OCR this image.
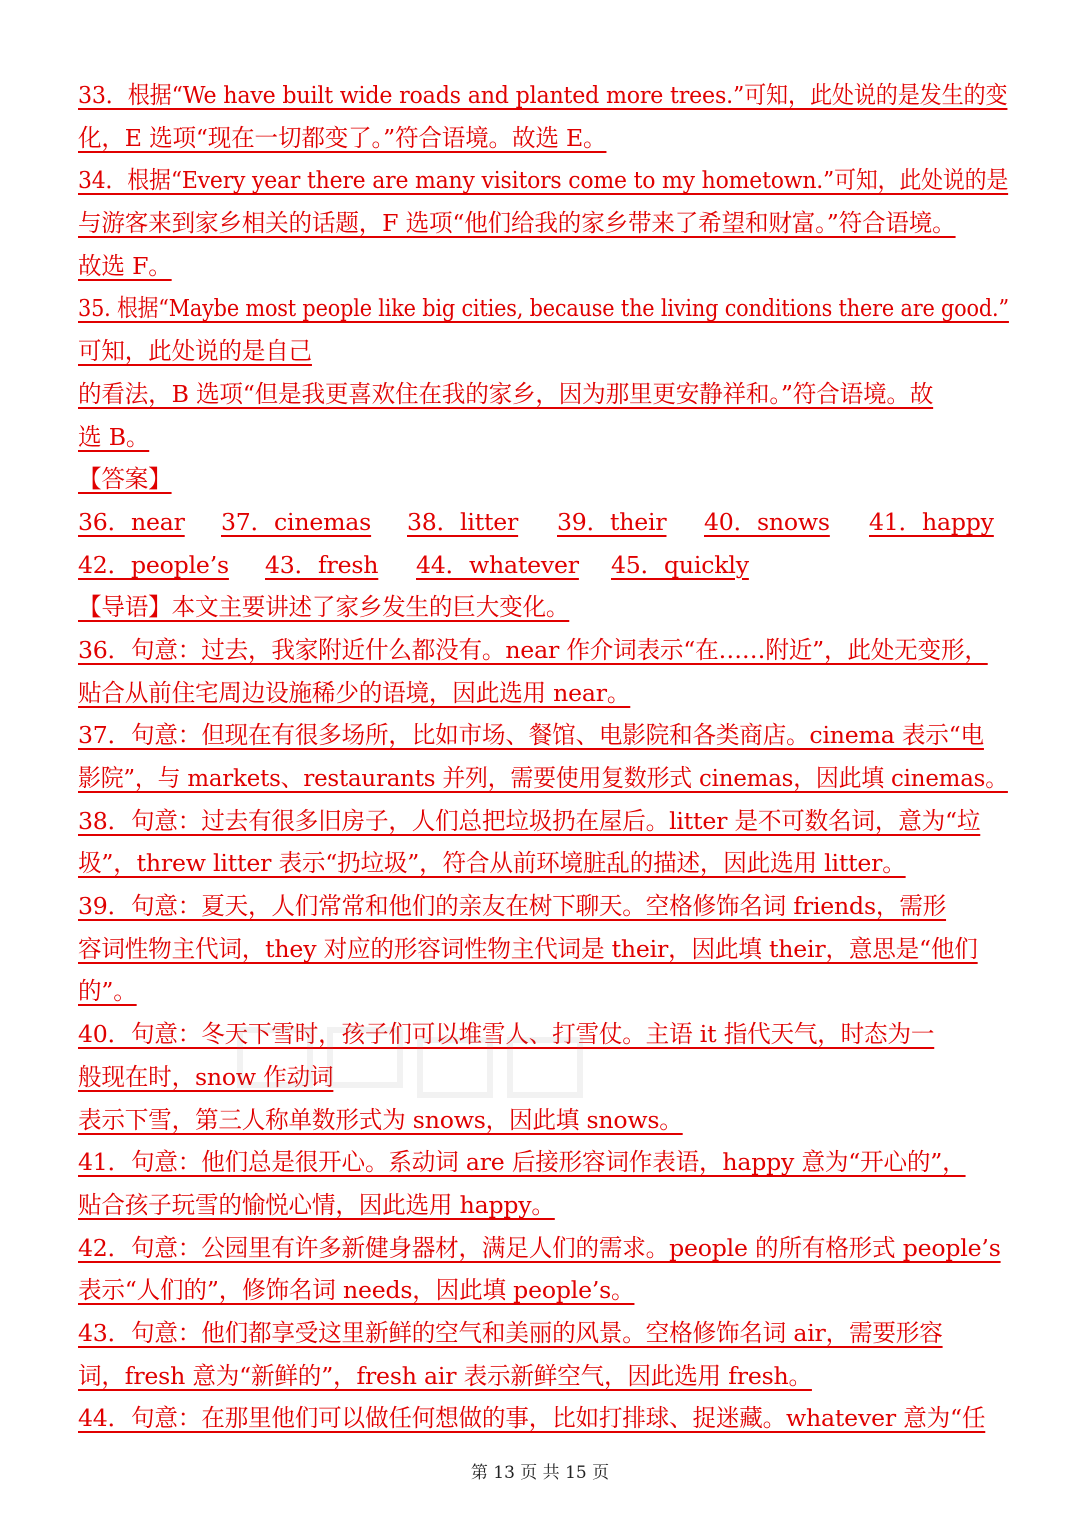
33．根据“We have built wide roads and planted more trees.”可知，此处说的是发生的变
化，E 选项“现在一切都变了。”符合语境。故选 E。
34．根据“Every year there are many visitors come to my hometown.”可知，此处说的是
与游客来到家乡相关的话题，F 选项“他们给我的家乡带来了希望和财富。”符合语境。
故选 F。
35. 根据“Maybe most people like big cities, because the living conditions there are good.”
可知，此处说的是自己
的看法，B 选项“但是我更喜欢住在我的家乡，因为那里更安静祥和。”符合语境。故
选 B。
【答案】
36．near	37．cinemas	38．litter	39．their	40．snows	41．happy
42．people’s	43．fresh	44．whatever	45．quickly
【导语】本文主要讲述了家乡发生的巨大变化。
36．句意：过去，我家附近什么都没有。near 作介词表示“在……附近”，此处无变形，
贴合从前住宅周边设施稀少的语境，因此选用 near。
37．句意：但现在有很多场所，比如市场、餐馆、电影院和各类商店。cinema 表示“电
影院”，与 markets、restaurants 并列，需要使用复数形式 cinemas，因此填 cinemas。
38．句意：过去有很多旧房子，人们总把垃圾扔在屋后。litter 是不可数名词，意为“垃
圾”，threw litter 表示“扔垃圾”，符合从前环境脏乱的描述，因此选用 litter。
39．句意：夏天，人们常常和他们的亲友在树下聊天。空格修饰名词 friends，需形
容词性物主代词，they 对应的形容词性物主代词是 their，因此填 their，意思是“他们
的”。
40．句意：冬天下雪时，孩子们可以堆雪人、打雪仗。主语 it 指代天气，时态为一
般现在时，snow 作动词
表示下雪，第三人称单数形式为 snows，因此填 snows。
41．句意：他们总是很开心。系动词 are 后接形容词作表语，happy 意为“开心的”，
贴合孩子玩雪的愉悦心情，因此选用 happy。
42．句意：公园里有许多新健身器材，满足人们的需求。people 的所有格形式 people’s
表示“人们的”，修饰名词 needs，因此填 people’s。
43．句意：他们都享受这里新鲜的空气和美丽的风景。空格修饰名词 air，需要形容
词，fresh 意为“新鲜的”，fresh air 表示新鲜空气，因此选用 fresh。
44．句意：在那里他们可以做任何想做的事，比如打排球、捉迷藏。whatever 意为“任
第 13 页 共 15 页
